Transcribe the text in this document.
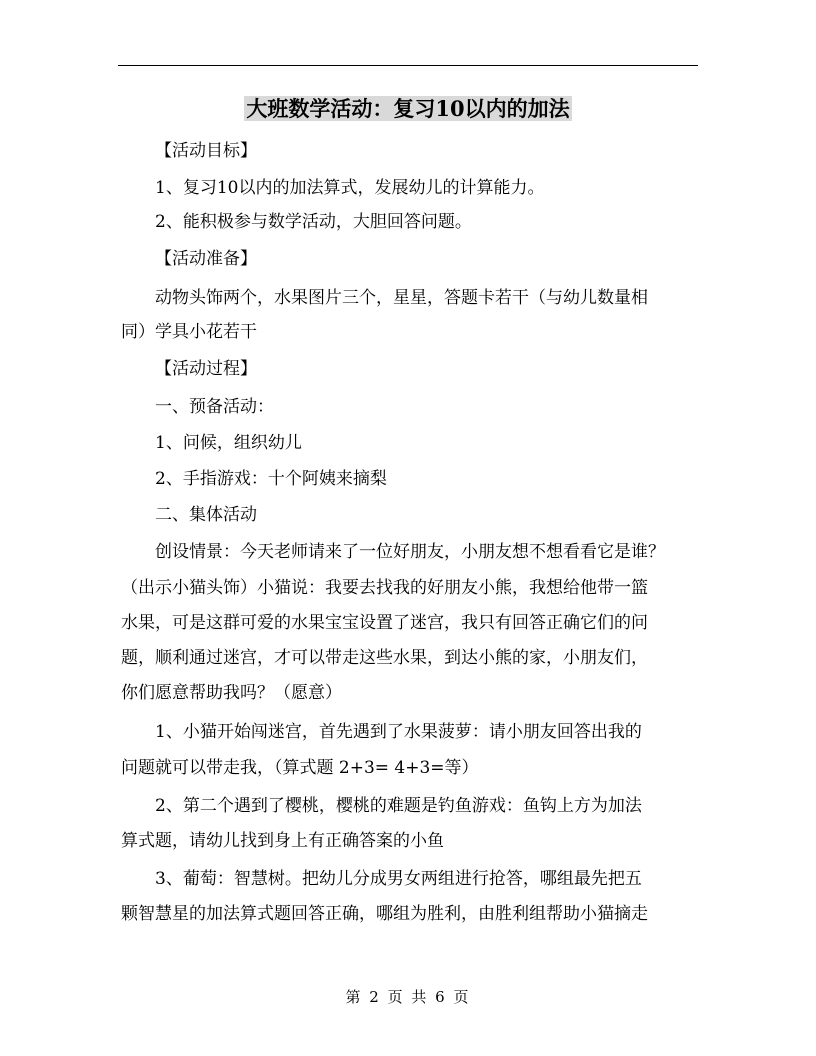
大班数学活动：复习10以内的加法
【活动目标】
1、复习10以内的加法算式，发展幼儿的计算能力。
2、能积极参与数学活动，大胆回答问题。
【活动准备】
动物头饰两个，水果图片三个，星星，答题卡若干（与幼儿数量相
同）学具小花若干
【活动过程】
一、预备活动：
1、问候，组织幼儿
2、手指游戏：十个阿姨来摘梨
二、集体活动
创设情景：今天老师请来了一位好朋友，小朋友想不想看看它是谁？
（出示小猫头饰）小猫说：我要去找我的好朋友小熊，我想给他带一篮
水果，可是这群可爱的水果宝宝设置了迷宫，我只有回答正确它们的问
题，顺利通过迷宫，才可以带走这些水果，到达小熊的家，小朋友们，
你们愿意帮助我吗？（愿意）
1、小猫开始闯迷宫，首先遇到了水果菠萝：请小朋友回答出我的
问题就可以带走我，（算式题 2+3= 4+3=等）
2、第二个遇到了樱桃，樱桃的难题是钓鱼游戏：鱼钩上方为加法
算式题，请幼儿找到身上有正确答案的小鱼
3、葡萄：智慧树。把幼儿分成男女两组进行抢答，哪组最先把五
颗智慧星的加法算式题回答正确，哪组为胜利，由胜利组帮助小猫摘走
第 2 页 共 6 页
